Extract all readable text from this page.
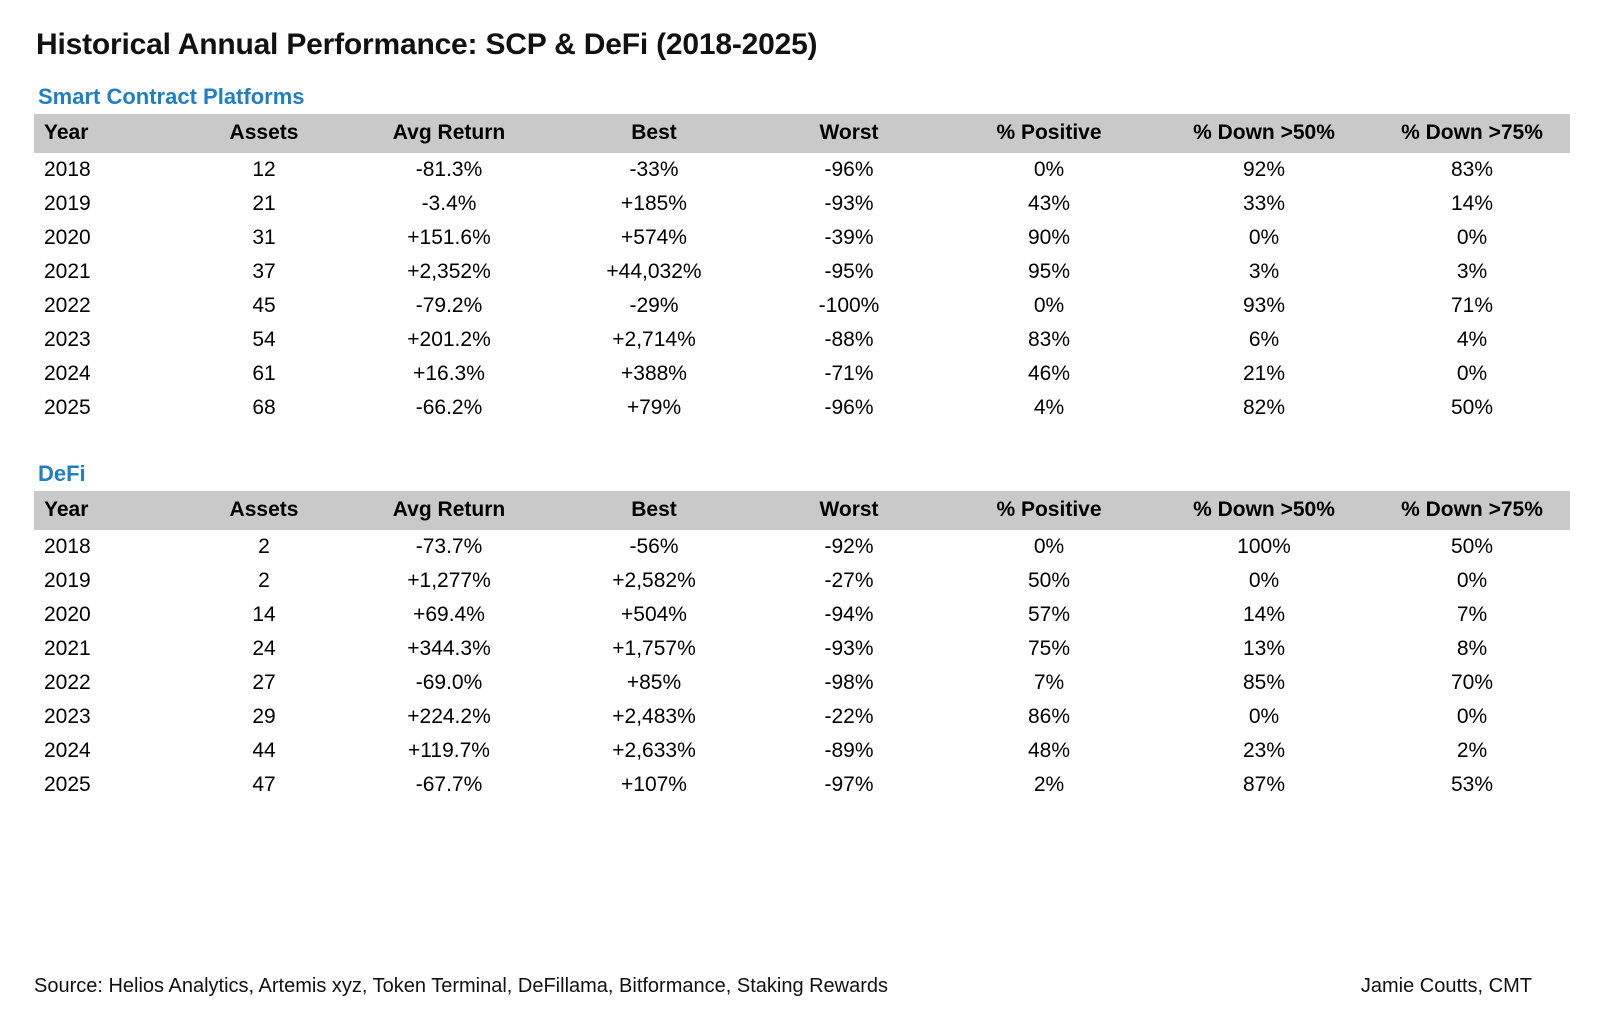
Historical Annual Performance: SCP & DeFi (2018-2025)
Smart Contract Platforms
Year	Assets	Avg Return	Best	Worst	% Positive	% Down >50%	% Down >75%
2018	12	-81.3%	-33%	-96%	0%	92%	83%
2019	21	-3.4%	+185%	-93%	43%	33%	14%
2020	31	+151.6%	+574%	-39%	90%	0%	0%
2021	37	+2,352%	+44,032%	-95%	95%	3%	3%
2022	45	-79.2%	-29%	-100%	0%	93%	71%
2023	54	+201.2%	+2,714%	-88%	83%	6%	4%
2024	61	+16.3%	+388%	-71%	46%	21%	0%
2025	68	-66.2%	+79%	-96%	4%	82%	50%
DeFi
Year	Assets	Avg Return	Best	Worst	% Positive	% Down >50%	% Down >75%
2018	2	-73.7%	-56%	-92%	0%	100%	50%
2019	2	+1,277%	+2,582%	-27%	50%	0%	0%
2020	14	+69.4%	+504%	-94%	57%	14%	7%
2021	24	+344.3%	+1,757%	-93%	75%	13%	8%
2022	27	-69.0%	+85%	-98%	7%	85%	70%
2023	29	+224.2%	+2,483%	-22%	86%	0%	0%
2024	44	+119.7%	+2,633%	-89%	48%	23%	2%
2025	47	-67.7%	+107%	-97%	2%	87%	53%
Source: Helios Analytics, Artemis xyz, Token Terminal, DeFillama, Bitformance, Staking Rewards	Jamie Coutts, CMT
